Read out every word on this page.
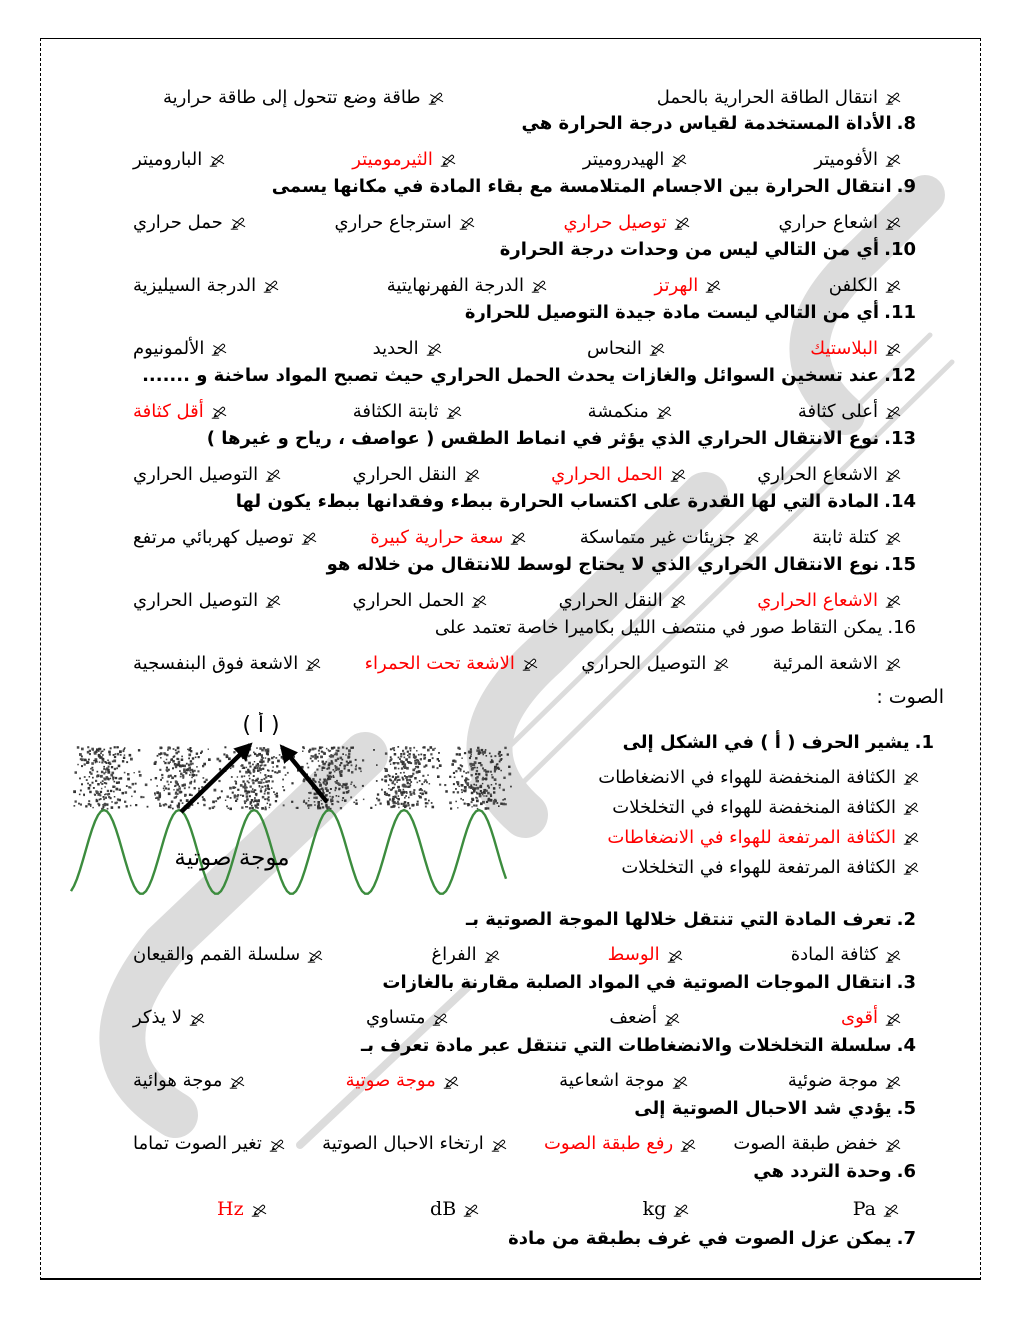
انتقال الطاقة الحرارية بالحمل
طاقة وضع تتحول إلى طاقة حرارية
8.
الأداة المستخدمة لقياس درجة الحرارة هي
الأفوميتر
الهيدروميتر
الثيرموميتر
الباروميتر
9.
انتقال الحرارة بين الاجسام المتلامسة مع بقاء المادة في مكانها يسمى
اشعاع حراري
توصيل حراري
استرجاع حراري
حمل حراري
10.
أي من التالي ليس من وحدات درجة الحرارة
الكلفن
الهرتز
الدرجة الفهرنهايتية
الدرجة السيليزية
11.
أي من التالي ليست مادة جيدة التوصيل للحرارة
البلاستيك
النحاس
الحديد
الألمونيوم
12.
عند تسخين السوائل والغازات يحدث الحمل الحراري حيث تصبح المواد ساخنة و .......
أعلى كثافة
منكمشة
ثابتة الكثافة
أقل كثافة
13.
نوع الانتقال الحراري الذي يؤثر في انماط الطقس ( عواصف ، رياح و غيرها )
الاشعاع الحراري
الحمل الحراري
النقل الحراري
التوصيل الحراري
14.
المادة التي لها القدرة على اكتساب الحرارة ببطء وفقدانها ببطء يكون لها
كتلة ثابتة
جزيئات غير متماسكة
سعة حرارية كبيرة
توصيل كهربائي مرتفع
15.
نوع الانتقال الحراري الذي لا يحتاج لوسط للانتقال من خلاله هو
الاشعاع الحراري
النقل الحراري
الحمل الحراري
التوصيل الحراري
16.
يمكن التقاط صور في منتصف الليل بكاميرا خاصة تعتمد على
الاشعة المرئية
التوصيل الحراري
الاشعة تحت الحمراء
الاشعة فوق البنفسجية
الصوت :
1.
يشير الحرف ( أ ) في الشكل إلى
الكثافة المنخفضة للهواء في الانضغاطات
الكثافة المنخفضة للهواء في التخلخلات
الكثافة المرتفعة للهواء في الانضغاطات
الكثافة المرتفعة للهواء في التخلخلات
( أ )
موجة صوتية
2.
تعرف المادة التي تنتقل خلالها الموجة الصوتية بـ
كثافة المادة
الوسط
الفراغ
سلسلة القمم والقيعان
3.
انتقال الموجات الصوتية في المواد الصلبة مقارنة بالغازات
أقوى
أضعف
متساوي
لا يذكر
4.
سلسلة التخلخلات والانضغاطات التي تنتقل عبر مادة تعرف بـ
موجة ضوئية
موجة اشعاعية
موجة صوتية
موجة هوائية
5.
يؤدي شد الاحبال الصوتية إلى
خفض طبقة الصوت
رفع طبقة الصوت
ارتخاء الاحبال الصوتية
تغير الصوت تماما
6.
وحدة التردد هي
Pa
kg
dB
Hz
7.
يمكن عزل الصوت في غرف بطبقة من مادة
